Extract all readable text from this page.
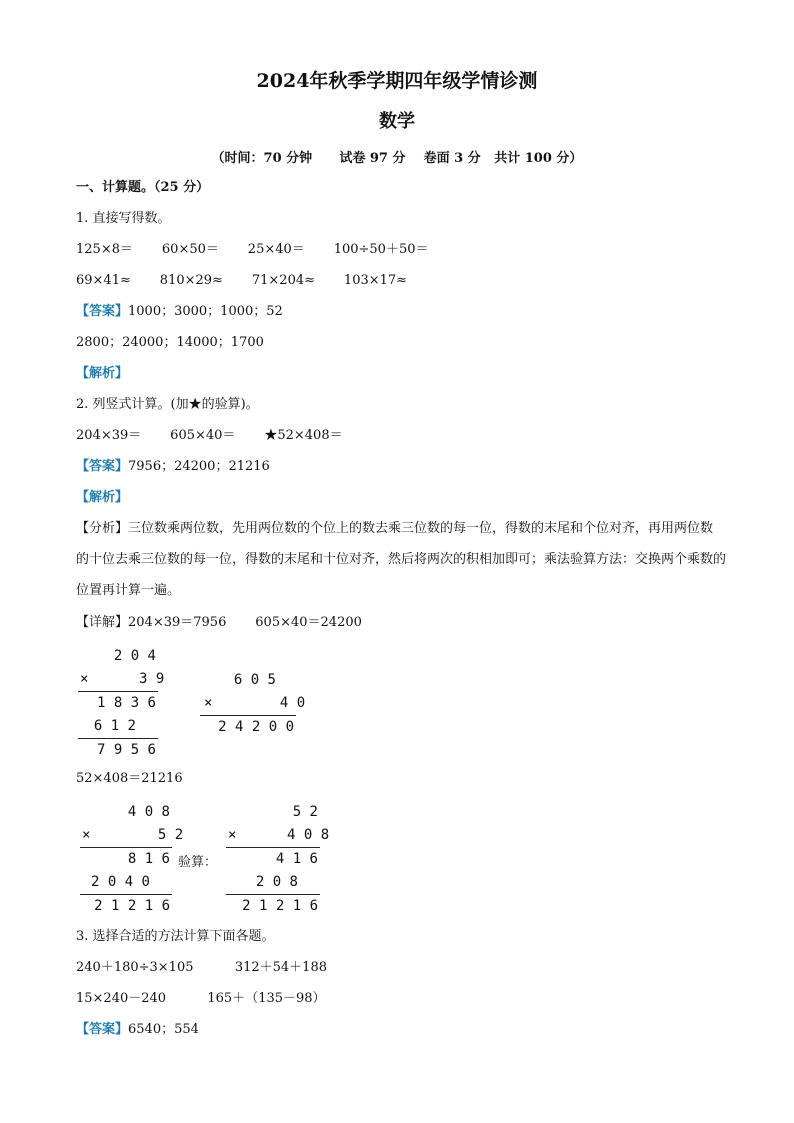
2024年秋季学期四年级学情诊测
数学
（时间：70 分钟      试卷 97 分    卷面 3 分   共计 100 分）
一、计算题。（25 分）
1. 直接写得数。
125×8＝       60×50＝       25×40＝       100÷50＋50＝
69×41≈       810×29≈       71×204≈       103×17≈
【答案】1000；3000；1000；52
2800；24000；14000；1700
【解析】
2. 列竖式计算。(加★的验算)。
204×39＝       605×40＝       ★52×408＝
【答案】7956；24200；21216
【解析】
【分析】三位数乘两位数，先用两位数的个位上的数去乘三位数的每一位，得数的末尾和个位对齐，再用两位数的十位去乘三位数的每一位，得数的末尾和十位对齐，然后将两次的积相加即可；乘法验算方法：交换两个乘数的位置再计算一遍。
【详解】204×39＝7956       605×40＝24200
2 0 4
×      3 9
1 8 3 6
6 1 2
7 9 5 6
6 0 5
×        4 0
2 4 2 0 0
52×408＝21216
4 0 8
×        5 2
8 1 6
2 0 4 0
2 1 2 1 6
验算：
5 2
×      4 0 8
4 1 6
2 0 8
2 1 2 1 6
3. 选择合适的方法计算下面各题。
240＋180÷3×105          312＋54＋188
15×240－240          165＋（135－98）
【答案】6540；554
